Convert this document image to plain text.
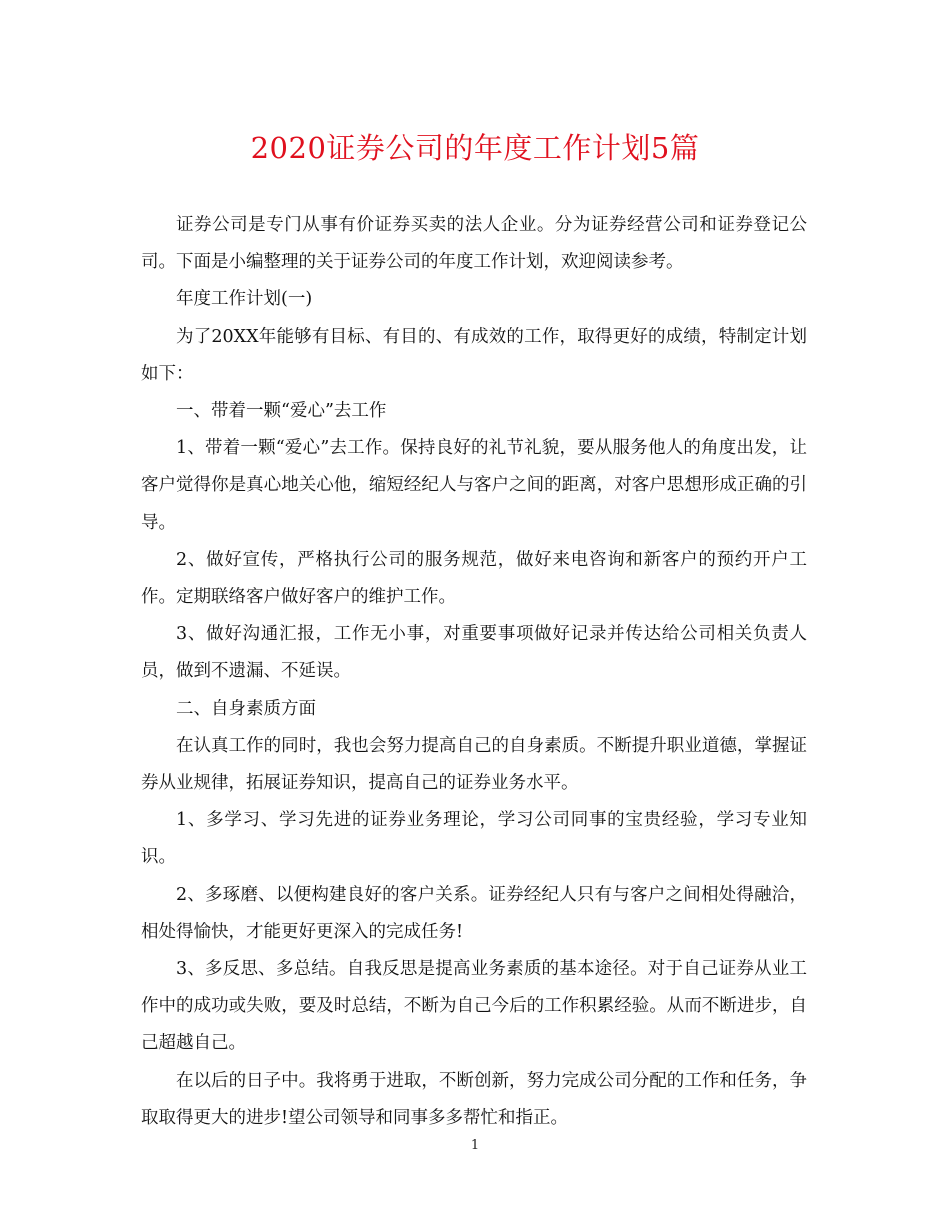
2020证券公司的年度工作计划5篇

证券公司是专门从事有价证券买卖的法人企业。分为证券经营公司和证券登记公司。下面是小编整理的关于证券公司的年度工作计划，欢迎阅读参考。

年度工作计划(一)

为了20XX年能够有目标、有目的、有成效的工作，取得更好的成绩，特制定计划如下：

一、带着一颗“爱心”去工作

1、带着一颗“爱心”去工作。保持良好的礼节礼貌，要从服务他人的角度出发，让客户觉得你是真心地关心他，缩短经纪人与客户之间的距离，对客户思想形成正确的引导。

2、做好宣传，严格执行公司的服务规范，做好来电咨询和新客户的预约开户工作。定期联络客户做好客户的维护工作。

3、做好沟通汇报，工作无小事，对重要事项做好记录并传达给公司相关负责人员，做到不遗漏、不延误。

二、自身素质方面

在认真工作的同时，我也会努力提高自己的自身素质。不断提升职业道德，掌握证券从业规律，拓展证券知识，提高自己的证券业务水平。

1、多学习、学习先进的证券业务理论，学习公司同事的宝贵经验，学习专业知识。

2、多琢磨、以便构建良好的客户关系。证券经纪人只有与客户之间相处得融洽，相处得愉快，才能更好更深入的完成任务!

3、多反思、多总结。自我反思是提高业务素质的基本途径。对于自己证券从业工作中的成功或失败，要及时总结，不断为自己今后的工作积累经验。从而不断进步，自己超越自己。

在以后的日子中。我将勇于进取，不断创新，努力完成公司分配的工作和任务，争取取得更大的进步!望公司领导和同事多多帮忙和指正。

1
